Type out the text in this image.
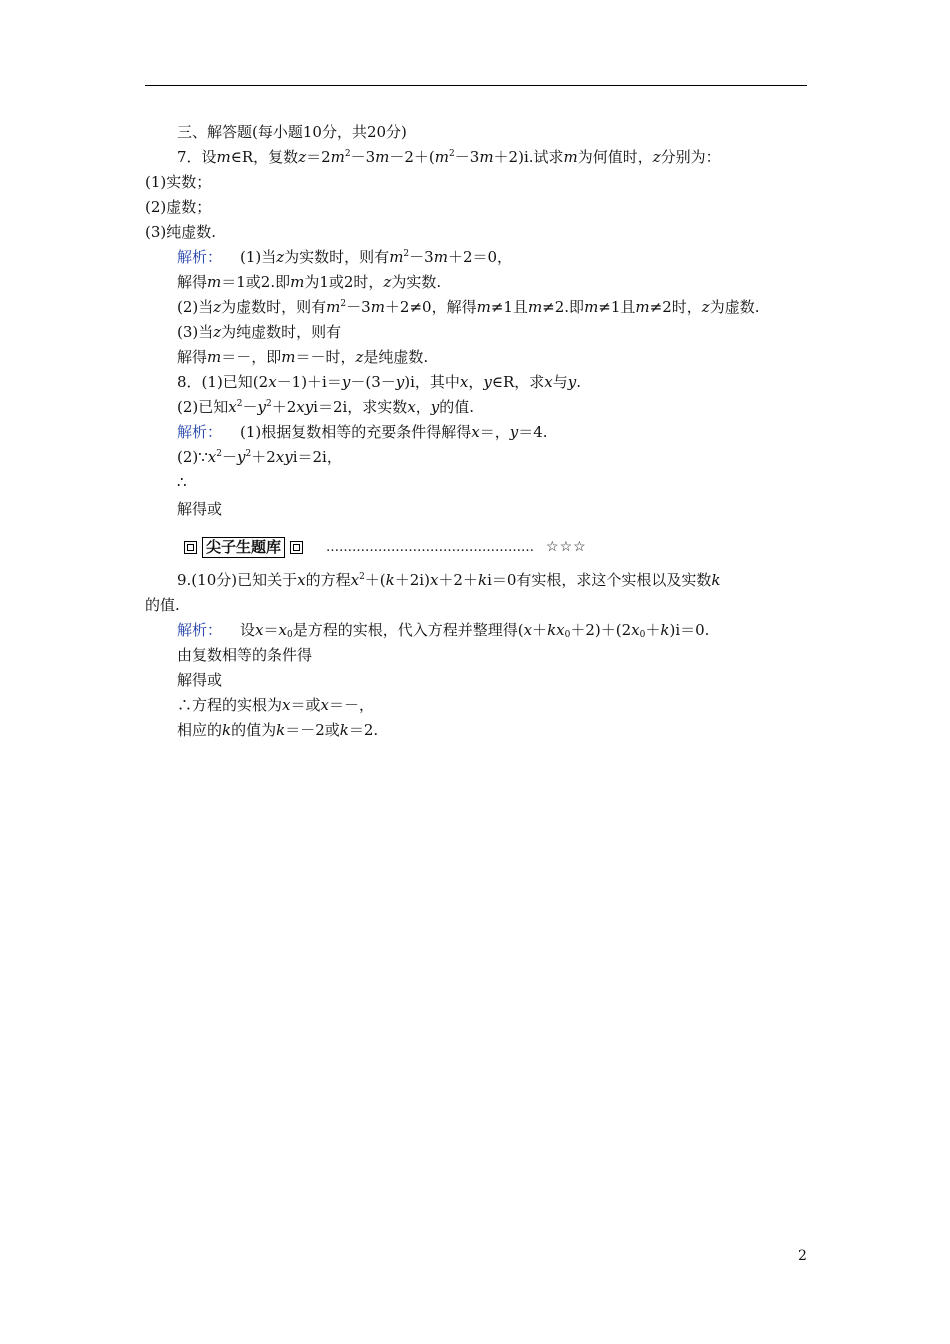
三、解答题(每小题10分，共20分)
7．设m∈R，复数$z=2m^2-3m-2+(m^2-3m+2)i$.试求m为何值时，z分别为：
(1)实数；
(2)虚数；
(3)纯虚数.
解析： (1)当z为实数时，则有$m^2-3m+2=0$，
解得m＝1或2.即m为1或2时，z为实数.
(2)当z为虚数时，则有$m^2-3m+2\ne 0$，解得m≠1且m≠2.即m≠1且m≠2时，z为虚数.
(3)当z为纯虚数时，则有
解得m＝－，即m＝－时，z是纯虚数.
8．(1)已知(2x－1)＋i＝y－(3－y)i，其中x，y∈R，求x与y.
(2)已知$x^2-y^2+2xyi=2i$，求实数x，y的值.
解析： (1)根据复数相等的充要条件得解得x＝，y＝4.
$(2)\because x^2-y^2+2xyi=2i$，
∴
解得或
尖子生题库	………………………………………… ☆☆☆
9.(10分)已知关于x的方程$x^2+(k+2i)x+2+ki=0$有实根，求这个实根以及实数k
的值.
解析： 设$x=x_0$是方程的实根，代入方程并整理得$(x+kx_0+2)+(2x_0+k)i=0$.
由复数相等的条件得
解得或
∴方程的实根为x＝或x＝－，
相应的k的值为k＝－2或k＝2.
2
